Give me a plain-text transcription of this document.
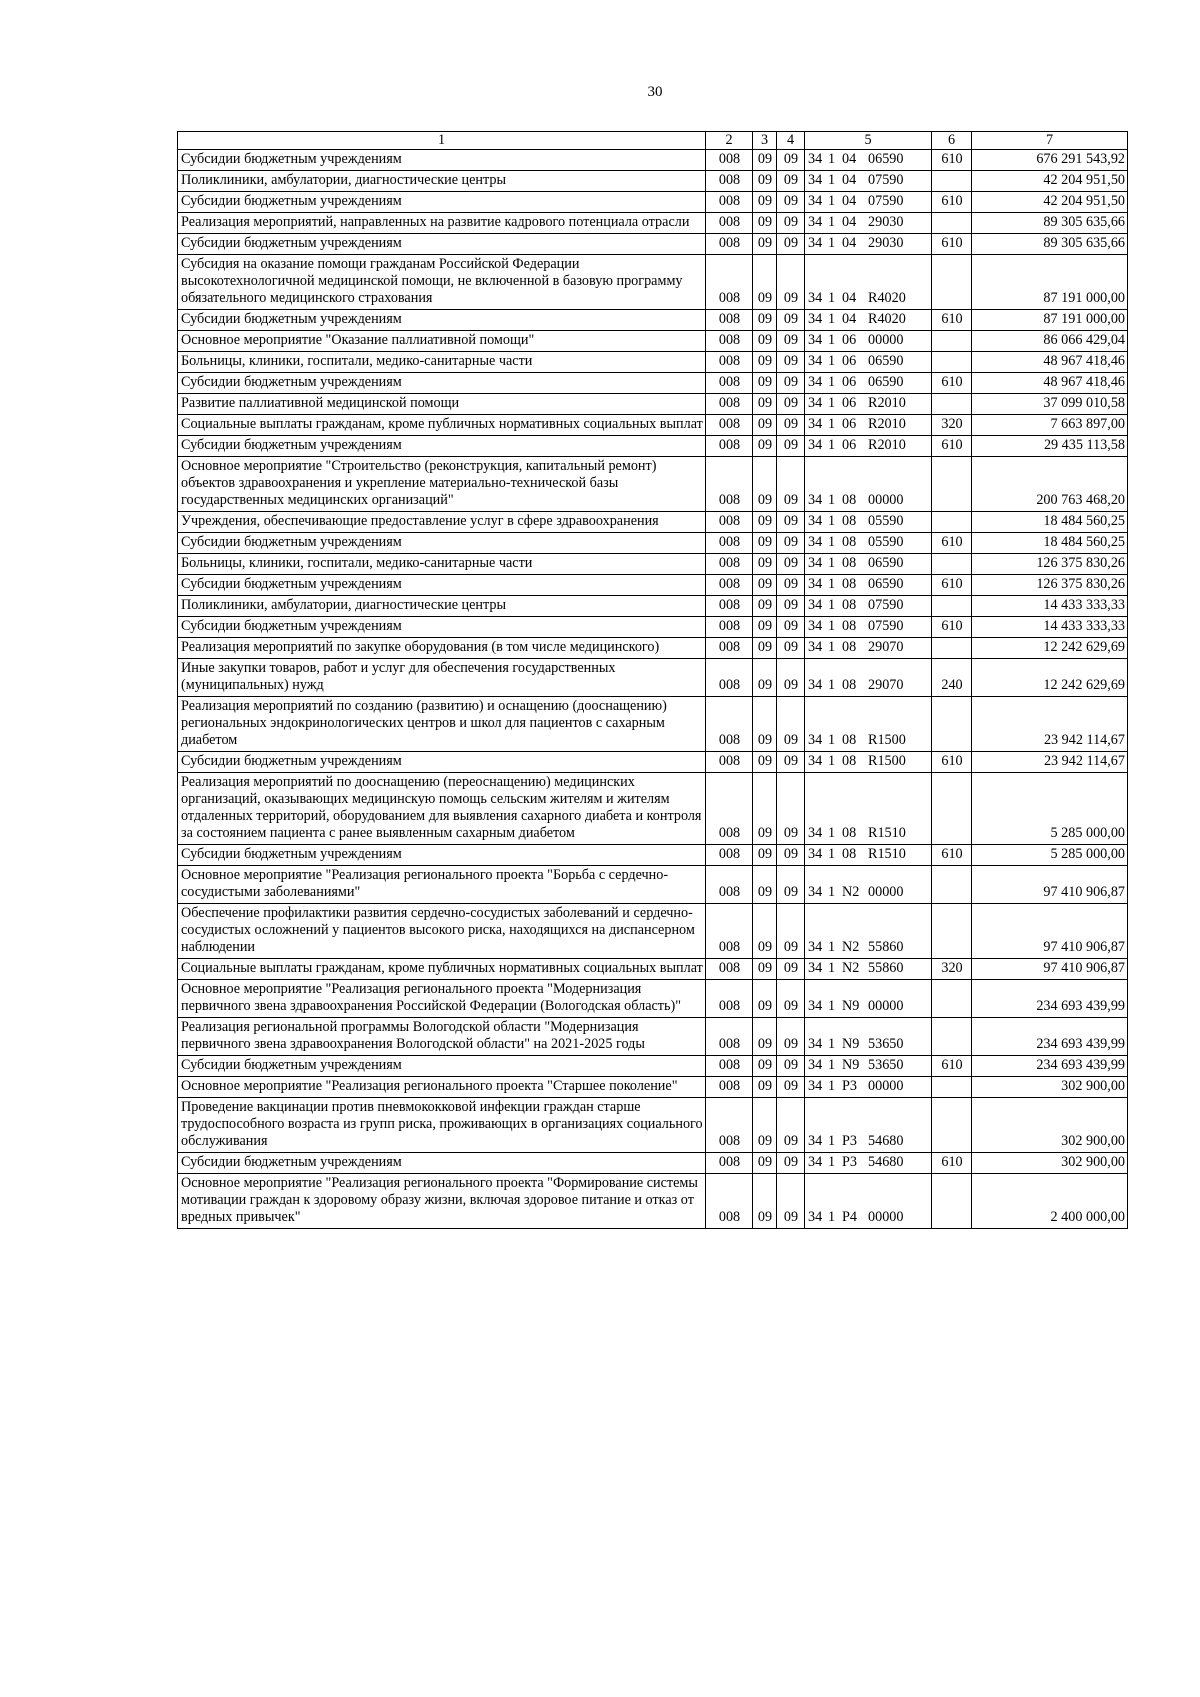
30
1	2	3	4	5	6	7
Субсидии бюджетным учреждениям	008	09	09	34 1 04 06590	610	676 291 543,92
Поликлиники, амбулатории, диагностические центры	008	09	09	34 1 04 07590		42 204 951,50
Субсидии бюджетным учреждениям	008	09	09	34 1 04 07590	610	42 204 951,50
Реализация мероприятий, направленных на развитие кадрового потенциала отрасли	008	09	09	34 1 04 29030		89 305 635,66
Субсидии бюджетным учреждениям	008	09	09	34 1 04 29030	610	89 305 635,66
Субсидия на оказание помощи гражданам Российской Федерации высокотехнологичной медицинской помощи, не включенной в базовую программу обязательного медицинского страхования	008	09	09	34 1 04 R4020		87 191 000,00
Субсидии бюджетным учреждениям	008	09	09	34 1 04 R4020	610	87 191 000,00
Основное мероприятие "Оказание паллиативной помощи"	008	09	09	34 1 06 00000		86 066 429,04
Больницы, клиники, госпитали, медико-санитарные части	008	09	09	34 1 06 06590		48 967 418,46
Субсидии бюджетным учреждениям	008	09	09	34 1 06 06590	610	48 967 418,46
Развитие паллиативной медицинской помощи	008	09	09	34 1 06 R2010		37 099 010,58
Социальные выплаты гражданам, кроме публичных нормативных социальных выплат	008	09	09	34 1 06 R2010	320	7 663 897,00
Субсидии бюджетным учреждениям	008	09	09	34 1 06 R2010	610	29 435 113,58
Основное мероприятие "Строительство (реконструкция, капитальный ремонт) объектов здравоохранения и укрепление материально-технической базы государственных медицинских организаций"	008	09	09	34 1 08 00000		200 763 468,20
Учреждения, обеспечивающие предоставление услуг в сфере здравоохранения	008	09	09	34 1 08 05590		18 484 560,25
Субсидии бюджетным учреждениям	008	09	09	34 1 08 05590	610	18 484 560,25
Больницы, клиники, госпитали, медико-санитарные части	008	09	09	34 1 08 06590		126 375 830,26
Субсидии бюджетным учреждениям	008	09	09	34 1 08 06590	610	126 375 830,26
Поликлиники, амбулатории, диагностические центры	008	09	09	34 1 08 07590		14 433 333,33
Субсидии бюджетным учреждениям	008	09	09	34 1 08 07590	610	14 433 333,33
Реализация мероприятий по закупке оборудования (в том числе медицинского)	008	09	09	34 1 08 29070		12 242 629,69
Иные закупки товаров, работ и услуг для обеспечения государственных (муниципальных) нужд	008	09	09	34 1 08 29070	240	12 242 629,69
Реализация мероприятий по созданию (развитию) и оснащению (дооснащению) региональных эндокринологических центров и школ для пациентов с сахарным диабетом	008	09	09	34 1 08 R1500		23 942 114,67
Субсидии бюджетным учреждениям	008	09	09	34 1 08 R1500	610	23 942 114,67
Реализация мероприятий по дооснащению (переоснащению) медицинских организаций, оказывающих медицинскую помощь сельским жителям и жителям отдаленных территорий, оборудованием для выявления сахарного диабета и контроля за состоянием пациента с ранее выявленным сахарным диабетом	008	09	09	34 1 08 R1510		5 285 000,00
Субсидии бюджетным учреждениям	008	09	09	34 1 08 R1510	610	5 285 000,00
Основное мероприятие "Реализация регионального проекта "Борьба с сердечно-сосудистыми заболеваниями"	008	09	09	34 1 N2 00000		97 410 906,87
Обеспечение профилактики развития сердечно-сосудистых заболеваний и сердечно-сосудистых осложнений у пациентов высокого риска, находящихся на диспансерном наблюдении	008	09	09	34 1 N2 55860		97 410 906,87
Социальные выплаты гражданам, кроме публичных нормативных социальных выплат	008	09	09	34 1 N2 55860	320	97 410 906,87
Основное мероприятие "Реализация регионального проекта "Модернизация первичного звена здравоохранения Российской Федерации (Вологодская область)"	008	09	09	34 1 N9 00000		234 693 439,99
Реализация региональной программы Вологодской области "Модернизация первичного звена здравоохранения Вологодской области" на 2021-2025 годы	008	09	09	34 1 N9 53650		234 693 439,99
Субсидии бюджетным учреждениям	008	09	09	34 1 N9 53650	610	234 693 439,99
Основное мероприятие "Реализация регионального проекта "Старшее поколение"	008	09	09	34 1 P3 00000		302 900,00
Проведение вакцинации против пневмококковой инфекции граждан старше трудоспособного возраста из групп риска, проживающих в организациях социального обслуживания	008	09	09	34 1 P3 54680		302 900,00
Субсидии бюджетным учреждениям	008	09	09	34 1 P3 54680	610	302 900,00
Основное мероприятие "Реализация регионального проекта "Формирование системы мотивации граждан к здоровому образу жизни, включая здоровое питание и отказ от вредных привычек"	008	09	09	34 1 P4 00000		2 400 000,00
